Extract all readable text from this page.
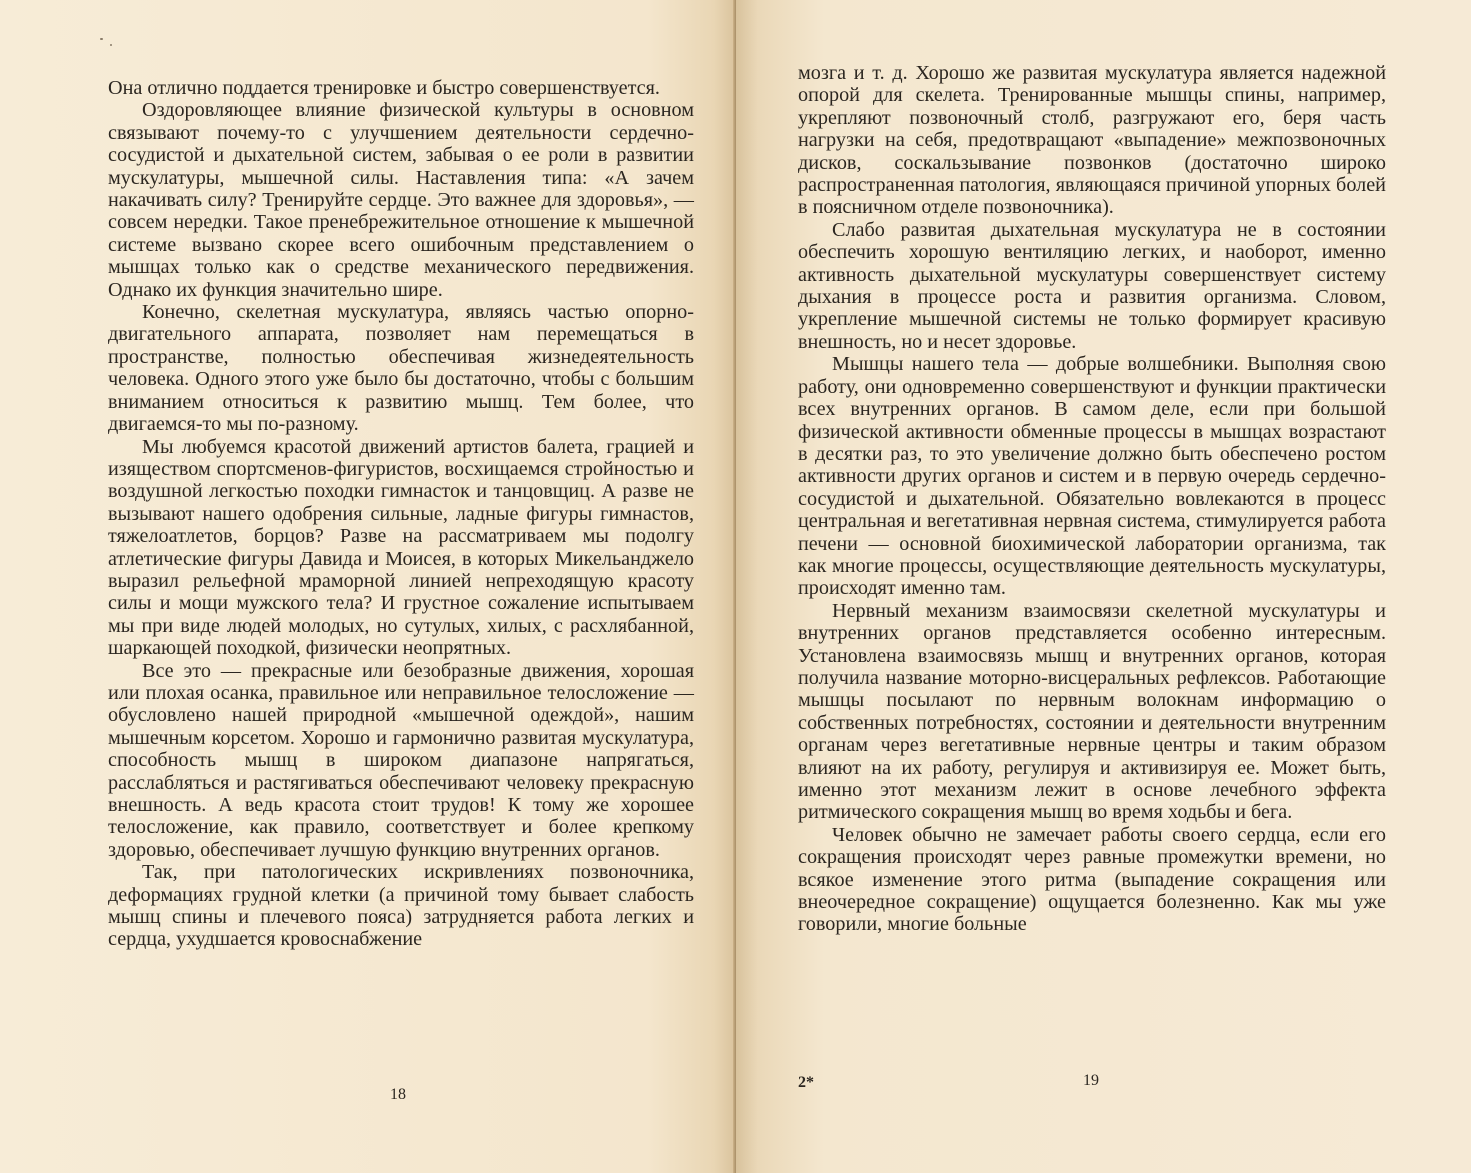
Она отлично поддается тренировке и быстро совершенствуется.

Оздоровляющее влияние физической культуры в основном связывают почему-то с улучшением деятельности сердечно-сосудистой и дыхательной систем, забывая о ее роли в развитии мускулатуры, мышечной силы. Наставления типа: «А зачем накачивать силу? Тренируйте сердце. Это важнее для здоровья», — совсем нередки. Такое пренебрежительное отношение к мышечной системе вызвано скорее всего ошибочным представлением о мышцах только как о средстве механического передвижения. Однако их функция значительно шире.

Конечно, скелетная мускулатура, являясь частью опорно-двигательного аппарата, позволяет нам перемещаться в пространстве, полностью обеспечивая жизнедеятельность человека. Одного этого уже было бы достаточно, чтобы с большим вниманием относиться к развитию мышц. Тем более, что двигаемся-то мы по-разному.

Мы любуемся красотой движений артистов балета, грацией и изяществом спортсменов-фигуристов, восхищаемся стройностью и воздушной легкостью походки гимнасток и танцовщиц. А разве не вызывают нашего одобрения сильные, ладные фигуры гимнастов, тяжелоатлетов, борцов? Разве на рассматриваем мы подолгу атлетические фигуры Давида и Моисея, в которых Микельанджело выразил рельефной мраморной линией непреходящую красоту силы и мощи мужского тела? И грустное сожаление испытываем мы при виде людей молодых, но сутулых, хилых, с расхлябанной, шаркающей походкой, физически неопрятных.

Все это — прекрасные или безобразные движения, хорошая или плохая осанка, правильное или неправильное телосложение — обусловлено нашей природной «мышечной одеждой», нашим мышечным корсетом. Хорошо и гармонично развитая мускулатура, способность мышц в широком диапазоне напрягаться, расслабляться и растягиваться обеспечивают человеку прекрасную внешность. А ведь красота стоит трудов! К тому же хорошее телосложение, как правило, соответствует и более крепкому здоровью, обеспечивает лучшую функцию внутренних органов.

Так, при патологических искривлениях позвоночника, деформациях грудной клетки (а причиной тому бывает слабость мышц спины и плечевого пояса) затрудняется работа легких и сердца, ухудшается кровоснабжение

18

мозга и т. д. Хорошо же развитая мускулатура является надежной опорой для скелета. Тренированные мышцы спины, например, укрепляют позвоночный столб, разгружают его, беря часть нагрузки на себя, предотвращают «выпадение» межпозвоночных дисков, соскальзывание позвонков (достаточно широко распространенная патология, являющаяся причиной упорных болей в поясничном отделе позвоночника).

Слабо развитая дыхательная мускулатура не в состоянии обеспечить хорошую вентиляцию легких, и наоборот, именно активность дыхательной мускулатуры совершенствует систему дыхания в процессе роста и развития организма. Словом, укрепление мышечной системы не только формирует красивую внешность, но и несет здоровье.

Мышцы нашего тела — добрые волшебники. Выполняя свою работу, они одновременно совершенствуют и функции практически всех внутренних органов. В самом деле, если при большой физической активности обменные процессы в мышцах возрастают в десятки раз, то это увеличение должно быть обеспечено ростом активности других органов и систем и в первую очередь сердечно-сосудистой и дыхательной. Обязательно вовлекаются в процесс центральная и вегетативная нервная система, стимулируется работа печени — основной биохимической лаборатории организма, так как многие процессы, осуществляющие деятельность мускулатуры, происходят именно там.

Нервный механизм взаимосвязи скелетной мускулатуры и внутренних органов представляется особенно интересным. Установлена взаимосвязь мышц и внутренних органов, которая получила название моторно-висцеральных рефлексов. Работающие мышцы посылают по нервным волокнам информацию о собственных потребностях, состоянии и деятельности внутренним органам через вегетативные нервные центры и таким образом влияют на их работу, регулируя и активизируя ее. Может быть, именно этот механизм лежит в основе лечебного эффекта ритмического сокращения мышц во время ходьбы и бега.

Человек обычно не замечает работы своего сердца, если его сокращения происходят через равные промежутки времени, но всякое изменение этого ритма (выпадение сокращения или внеочередное сокращение) ощущается болезненно. Как мы уже говорили, многие больные

2*	19
